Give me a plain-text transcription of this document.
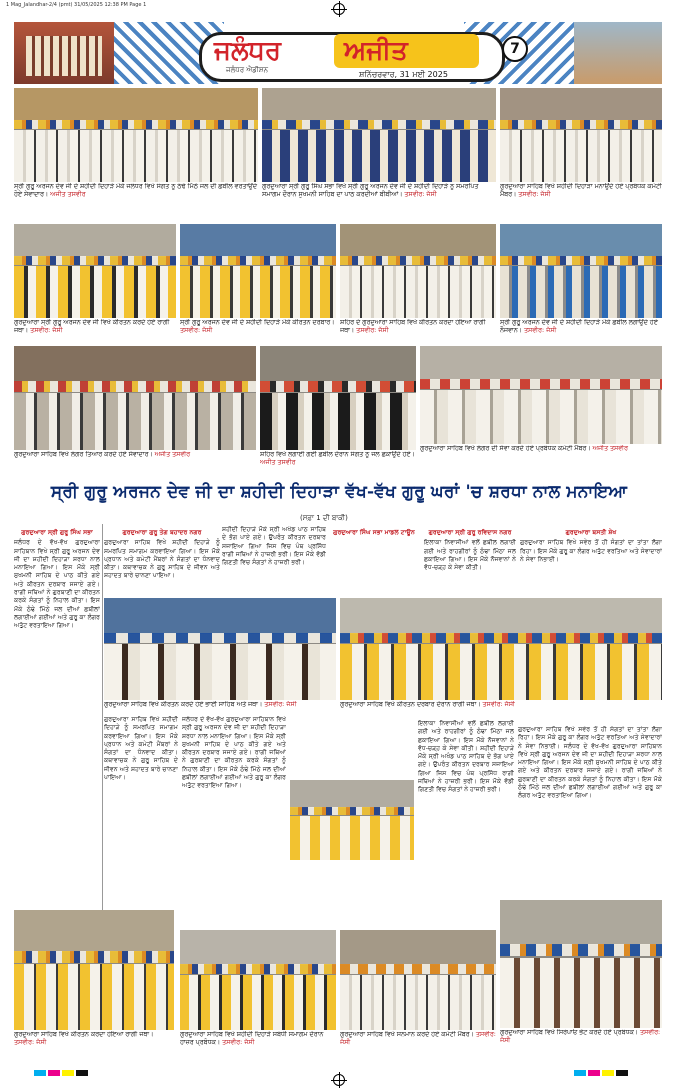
1 Mag_Jalandhar-2/4 (pmt) 31/05/2025 12:38 PM Page 1
ਜਲੰਧਰ ਅਜੀਤ
ਜਲੰਧਰ ਐਡੀਸ਼ਨ	ਸ਼ਨਿੱਚਰਵਾਰ, 31 ਮਈ 2025
7
ਸ੍ਰੀ ਗੁਰੂ ਅਰਜਨ ਦੇਵ ਜੀ ਦੇ ਸ਼ਹੀਦੀ ਦਿਹਾੜੇ ਮੌਕੇ ਜਲੰਧਰ ਵਿਖੇ ਸੰਗਤ ਨੂੰ ਠੰਢੇ ਮਿੱਠੇ ਜਲ ਦੀ ਛਬੀਲ ਵਰਤਾਉਂਦੇ ਹੋਏ ਸੇਵਾਦਾਰ। ਅਜੀਤ ਤਸਵੀਰ
ਗੁਰਦੁਆਰਾ ਸ੍ਰੀ ਗੁਰੂ ਸਿੰਘ ਸਭਾ ਵਿਖੇ ਸ੍ਰੀ ਗੁਰੂ ਅਰਜਨ ਦੇਵ ਜੀ ਦੇ ਸ਼ਹੀਦੀ ਦਿਹਾੜੇ ਨੂੰ ਸਮਰਪਿਤ ਸਮਾਗਮ ਦੌਰਾਨ ਸੁਖਮਨੀ ਸਾਹਿਬ ਦਾ ਪਾਠ ਕਰਦੀਆਂ ਬੀਬੀਆਂ। ਤਸਵੀਰ: ਜੱਸੀ
ਗੁਰਦੁਆਰਾ ਸਾਹਿਬ ਵਿਖੇ ਸ਼ਹੀਦੀ ਦਿਹਾੜਾ ਮਨਾਉਂਦੇ ਹੋਏ ਪ੍ਰਬੰਧਕ ਕਮੇਟੀ ਮੈਂਬਰ। ਤਸਵੀਰ: ਜੱਸੀ
ਗੁਰਦੁਆਰਾ ਸ੍ਰੀ ਗੁਰੂ ਅਰਜਨ ਦੇਵ ਜੀ ਵਿਖੇ ਕੀਰਤਨ ਕਰਦੇ ਹੋਏ ਰਾਗੀ ਜਥਾ। ਤਸਵੀਰ: ਜੱਸੀ
ਸ੍ਰੀ ਗੁਰੂ ਅਰਜਨ ਦੇਵ ਜੀ ਦੇ ਸ਼ਹੀਦੀ ਦਿਹਾੜੇ ਮੌਕੇ ਕੀਰਤਨ ਦਰਬਾਰ। ਤਸਵੀਰ: ਜੱਸੀ
ਸ਼ਹਿਰ ਦੇ ਗੁਰਦੁਆਰਾ ਸਾਹਿਬ ਵਿਖੇ ਕੀਰਤਨ ਕਰਦਾ ਹੋਇਆ ਰਾਗੀ ਜਥਾ। ਤਸਵੀਰ: ਜੱਸੀ
ਸ੍ਰੀ ਗੁਰੂ ਅਰਜਨ ਦੇਵ ਜੀ ਦੇ ਸ਼ਹੀਦੀ ਦਿਹਾੜੇ ਮੌਕੇ ਛਬੀਲ ਲਗਾਉਂਦੇ ਹੋਏ ਨੌਜਵਾਨ। ਤਸਵੀਰ: ਜੱਸੀ
ਗੁਰਦੁਆਰਾ ਸਾਹਿਬ ਵਿਖੇ ਲੰਗਰ ਤਿਆਰ ਕਰਦੇ ਹੋਏ ਸੇਵਾਦਾਰ। ਅਜੀਤ ਤਸਵੀਰ	ਸ਼ਹਿਰ ਵਿਖੇ ਲਗਾਈ ਗਈ ਛਬੀਲ ਦੌਰਾਨ ਸੰਗਤ ਨੂੰ ਜਲ ਛਕਾਉਂਦੇ ਹੋਏ। ਅਜੀਤ ਤਸਵੀਰ
ਗੁਰਦੁਆਰਾ ਸਾਹਿਬ ਵਿਖੇ ਲੰਗਰ ਦੀ ਸੇਵਾ ਕਰਦੇ ਹੋਏ ਪ੍ਰਬੰਧਕ ਕਮੇਟੀ ਮੈਂਬਰ। ਅਜੀਤ ਤਸਵੀਰ
ਸ੍ਰੀ ਗੁਰੂ ਅਰਜਨ ਦੇਵ ਜੀ ਦਾ ਸ਼ਹੀਦੀ ਦਿਹਾੜਾ ਵੱਖ-ਵੱਖ ਗੁਰੂ ਘਰਾਂ 'ਚ ਸ਼ਰਧਾ ਨਾਲ ਮਨਾਇਆ
(ਸਫ਼ਾ 1 ਦੀ ਬਾਕੀ)
ਗੁਰਦੁਆਰਾ ਸ੍ਰੀ ਗੁਰੂ ਸਿੰਘ ਸਭਾ
ਜਲੰਧਰ ਦੇ ਵੱਖ-ਵੱਖ ਗੁਰਦੁਆਰਾ ਸਾਹਿਬਾਨ ਵਿਖੇ ਸ੍ਰੀ ਗੁਰੂ ਅਰਜਨ ਦੇਵ ਜੀ ਦਾ ਸ਼ਹੀਦੀ ਦਿਹਾੜਾ ਸ਼ਰਧਾ ਨਾਲ ਮਨਾਇਆ ਗਿਆ। ਇਸ ਮੌਕੇ ਸ੍ਰੀ ਸੁਖਮਨੀ ਸਾਹਿਬ ਦੇ ਪਾਠ ਕੀਤੇ ਗਏ ਅਤੇ ਕੀਰਤਨ ਦਰਬਾਰ ਸਜਾਏ ਗਏ। ਰਾਗੀ ਜਥਿਆਂ ਨੇ ਗੁਰਬਾਣੀ ਦਾ ਕੀਰਤਨ ਕਰਕੇ ਸੰਗਤਾਂ ਨੂੰ ਨਿਹਾਲ ਕੀਤਾ। ਇਸ ਮੌਕੇ ਠੰਢੇ ਮਿੱਠੇ ਜਲ ਦੀਆਂ ਛਬੀਲਾਂ ਲਗਾਈਆਂ ਗਈਆਂ ਅਤੇ ਗੁਰੂ ਕਾ ਲੰਗਰ ਅਤੁੱਟ ਵਰਤਾਇਆ ਗਿਆ।
ਗੁਰਦੁਆਰਾ ਗੁਰੂ ਤੇਗ ਬਹਾਦਰ ਨਗਰ
ਗੁਰਦੁਆਰਾ ਸਾਹਿਬ ਵਿਖੇ ਸ਼ਹੀਦੀ ਦਿਹਾੜੇ ਨੂੰ ਸਮਰਪਿਤ ਸਮਾਗਮ ਕਰਵਾਇਆ ਗਿਆ। ਇਸ ਮੌਕੇ ਪ੍ਰਧਾਨ ਅਤੇ ਕਮੇਟੀ ਮੈਂਬਰਾਂ ਨੇ ਸੰਗਤਾਂ ਦਾ ਧੰਨਵਾਦ ਕੀਤਾ। ਕਥਾਵਾਚਕ ਨੇ ਗੁਰੂ ਸਾਹਿਬ ਦੇ ਜੀਵਨ ਅਤੇ ਸ਼ਹਾਦਤ ਬਾਰੇ ਚਾਨਣਾ ਪਾਇਆ।
ਸ਼ਹੀਦੀ ਦਿਹਾੜੇ ਮੌਕੇ ਸ੍ਰੀ ਅਖੰਡ ਪਾਠ ਸਾਹਿਬ ਦੇ ਭੋਗ ਪਾਏ ਗਏ। ਉਪਰੰਤ ਕੀਰਤਨ ਦਰਬਾਰ ਸਜਾਇਆ ਗਿਆ ਜਿਸ ਵਿਚ ਪੰਥ ਪ੍ਰਸਿੱਧ ਰਾਗੀ ਜਥਿਆਂ ਨੇ ਹਾਜ਼ਰੀ ਭਰੀ। ਇਸ ਮੌਕੇ ਵੱਡੀ ਗਿਣਤੀ ਵਿਚ ਸੰਗਤਾਂ ਨੇ ਹਾਜ਼ਰੀ ਭਰੀ।
ਗੁਰਦੁਆਰਾ ਸਿੰਘ ਸਭਾ ਮਾਡਲ ਟਾਊਨ	ਗੁਰਦੁਆਰਾ ਸ੍ਰੀ ਗੁਰੂ ਰਵਿਦਾਸ ਨਗਰ
ਇਲਾਕਾ ਨਿਵਾਸੀਆਂ ਵਲੋਂ ਛਬੀਲ ਲਗਾਈ ਗਈ ਅਤੇ ਰਾਹਗੀਰਾਂ ਨੂੰ ਠੰਢਾ ਮਿੱਠਾ ਜਲ ਛਕਾਇਆ ਗਿਆ। ਇਸ ਮੌਕੇ ਨੌਜਵਾਨਾਂ ਨੇ ਵੱਧ-ਚੜ੍ਹ ਕੇ ਸੇਵਾ ਕੀਤੀ।
ਗੁਰਦੁਆਰਾ ਬਸਤੀ ਸ਼ੇਖ
ਗੁਰਦੁਆਰਾ ਸਾਹਿਬ ਵਿਖੇ ਸਵੇਰ ਤੋਂ ਹੀ ਸੰਗਤਾਂ ਦਾ ਤਾਂਤਾ ਲੱਗਾ ਰਿਹਾ। ਇਸ ਮੌਕੇ ਗੁਰੂ ਕਾ ਲੰਗਰ ਅਤੁੱਟ ਵਰਤਿਆ ਅਤੇ ਸੇਵਾਦਾਰਾਂ ਨੇ ਸੇਵਾ ਨਿਭਾਈ।
ਗੁਰਦੁਆਰਾ ਸਾਹਿਬ ਵਿਖੇ ਕੀਰਤਨ ਕਰਦੇ ਹੋਏ ਭਾਈ ਸਾਹਿਬ ਅਤੇ ਜਥਾ। ਤਸਵੀਰ: ਜੱਸੀ	ਗੁਰਦੁਆਰਾ ਸਾਹਿਬ ਵਿਖੇ ਕੀਰਤਨ ਦਰਬਾਰ ਦੌਰਾਨ ਰਾਗੀ ਜਥਾ। ਤਸਵੀਰ: ਜੱਸੀ
ਗੁਰਦੁਆਰਾ ਸਾਹਿਬ ਵਿਖੇ ਸ਼ਹੀਦੀ ਦਿਹਾੜੇ ਨੂੰ ਸਮਰਪਿਤ ਸਮਾਗਮ ਕਰਵਾਇਆ ਗਿਆ। ਇਸ ਮੌਕੇ ਪ੍ਰਧਾਨ ਅਤੇ ਕਮੇਟੀ ਮੈਂਬਰਾਂ ਨੇ ਸੰਗਤਾਂ ਦਾ ਧੰਨਵਾਦ ਕੀਤਾ। ਕਥਾਵਾਚਕ ਨੇ ਗੁਰੂ ਸਾਹਿਬ ਦੇ ਜੀਵਨ ਅਤੇ ਸ਼ਹਾਦਤ ਬਾਰੇ ਚਾਨਣਾ ਪਾਇਆ।
ਜਲੰਧਰ ਦੇ ਵੱਖ-ਵੱਖ ਗੁਰਦੁਆਰਾ ਸਾਹਿਬਾਨ ਵਿਖੇ ਸ੍ਰੀ ਗੁਰੂ ਅਰਜਨ ਦੇਵ ਜੀ ਦਾ ਸ਼ਹੀਦੀ ਦਿਹਾੜਾ ਸ਼ਰਧਾ ਨਾਲ ਮਨਾਇਆ ਗਿਆ। ਇਸ ਮੌਕੇ ਸ੍ਰੀ ਸੁਖਮਨੀ ਸਾਹਿਬ ਦੇ ਪਾਠ ਕੀਤੇ ਗਏ ਅਤੇ ਕੀਰਤਨ ਦਰਬਾਰ ਸਜਾਏ ਗਏ। ਰਾਗੀ ਜਥਿਆਂ ਨੇ ਗੁਰਬਾਣੀ ਦਾ ਕੀਰਤਨ ਕਰਕੇ ਸੰਗਤਾਂ ਨੂੰ ਨਿਹਾਲ ਕੀਤਾ। ਇਸ ਮੌਕੇ ਠੰਢੇ ਮਿੱਠੇ ਜਲ ਦੀਆਂ ਛਬੀਲਾਂ ਲਗਾਈਆਂ ਗਈਆਂ ਅਤੇ ਗੁਰੂ ਕਾ ਲੰਗਰ ਅਤੁੱਟ ਵਰਤਾਇਆ ਗਿਆ।
ਇਲਾਕਾ ਨਿਵਾਸੀਆਂ ਵਲੋਂ ਛਬੀਲ ਲਗਾਈ ਗਈ ਅਤੇ ਰਾਹਗੀਰਾਂ ਨੂੰ ਠੰਢਾ ਮਿੱਠਾ ਜਲ ਛਕਾਇਆ ਗਿਆ। ਇਸ ਮੌਕੇ ਨੌਜਵਾਨਾਂ ਨੇ ਵੱਧ-ਚੜ੍ਹ ਕੇ ਸੇਵਾ ਕੀਤੀ। ਸ਼ਹੀਦੀ ਦਿਹਾੜੇ ਮੌਕੇ ਸ੍ਰੀ ਅਖੰਡ ਪਾਠ ਸਾਹਿਬ ਦੇ ਭੋਗ ਪਾਏ ਗਏ। ਉਪਰੰਤ ਕੀਰਤਨ ਦਰਬਾਰ ਸਜਾਇਆ ਗਿਆ ਜਿਸ ਵਿਚ ਪੰਥ ਪ੍ਰਸਿੱਧ ਰਾਗੀ ਜਥਿਆਂ ਨੇ ਹਾਜ਼ਰੀ ਭਰੀ। ਇਸ ਮੌਕੇ ਵੱਡੀ ਗਿਣਤੀ ਵਿਚ ਸੰਗਤਾਂ ਨੇ ਹਾਜ਼ਰੀ ਭਰੀ।
ਗੁਰਦੁਆਰਾ ਸਾਹਿਬ ਵਿਖੇ ਸਵੇਰ ਤੋਂ ਹੀ ਸੰਗਤਾਂ ਦਾ ਤਾਂਤਾ ਲੱਗਾ ਰਿਹਾ। ਇਸ ਮੌਕੇ ਗੁਰੂ ਕਾ ਲੰਗਰ ਅਤੁੱਟ ਵਰਤਿਆ ਅਤੇ ਸੇਵਾਦਾਰਾਂ ਨੇ ਸੇਵਾ ਨਿਭਾਈ। ਜਲੰਧਰ ਦੇ ਵੱਖ-ਵੱਖ ਗੁਰਦੁਆਰਾ ਸਾਹਿਬਾਨ ਵਿਖੇ ਸ੍ਰੀ ਗੁਰੂ ਅਰਜਨ ਦੇਵ ਜੀ ਦਾ ਸ਼ਹੀਦੀ ਦਿਹਾੜਾ ਸ਼ਰਧਾ ਨਾਲ ਮਨਾਇਆ ਗਿਆ। ਇਸ ਮੌਕੇ ਸ੍ਰੀ ਸੁਖਮਨੀ ਸਾਹਿਬ ਦੇ ਪਾਠ ਕੀਤੇ ਗਏ ਅਤੇ ਕੀਰਤਨ ਦਰਬਾਰ ਸਜਾਏ ਗਏ। ਰਾਗੀ ਜਥਿਆਂ ਨੇ ਗੁਰਬਾਣੀ ਦਾ ਕੀਰਤਨ ਕਰਕੇ ਸੰਗਤਾਂ ਨੂੰ ਨਿਹਾਲ ਕੀਤਾ। ਇਸ ਮੌਕੇ ਠੰਢੇ ਮਿੱਠੇ ਜਲ ਦੀਆਂ ਛਬੀਲਾਂ ਲਗਾਈਆਂ ਗਈਆਂ ਅਤੇ ਗੁਰੂ ਕਾ ਲੰਗਰ ਅਤੁੱਟ ਵਰਤਾਇਆ ਗਿਆ।
ਗੁਰਦੁਆਰਾ ਸਾਹਿਬ ਵਿਖੇ ਕੀਰਤਨ ਕਰਦਾ ਹੋਇਆ ਰਾਗੀ ਜਥਾ। ਤਸਵੀਰ: ਜੱਸੀ
ਗੁਰਦੁਆਰਾ ਸਾਹਿਬ ਵਿਖੇ ਸ਼ਹੀਦੀ ਦਿਹਾੜੇ ਸਬੰਧੀ ਸਮਾਗਮ ਦੌਰਾਨ ਹਾਜ਼ਰ ਪ੍ਰਬੰਧਕ। ਤਸਵੀਰ: ਜੱਸੀ
ਗੁਰਦੁਆਰਾ ਸਾਹਿਬ ਵਿਖੇ ਸਨਮਾਨ ਕਰਦੇ ਹੋਏ ਕਮੇਟੀ ਮੈਂਬਰ। ਤਸਵੀਰ: ਜੱਸੀ
ਗੁਰਦੁਆਰਾ ਸਾਹਿਬ ਵਿਖੇ ਸਿਰੋਪਾਓ ਭੇਟ ਕਰਦੇ ਹੋਏ ਪ੍ਰਬੰਧਕ। ਤਸਵੀਰ: ਜੱਸੀ
